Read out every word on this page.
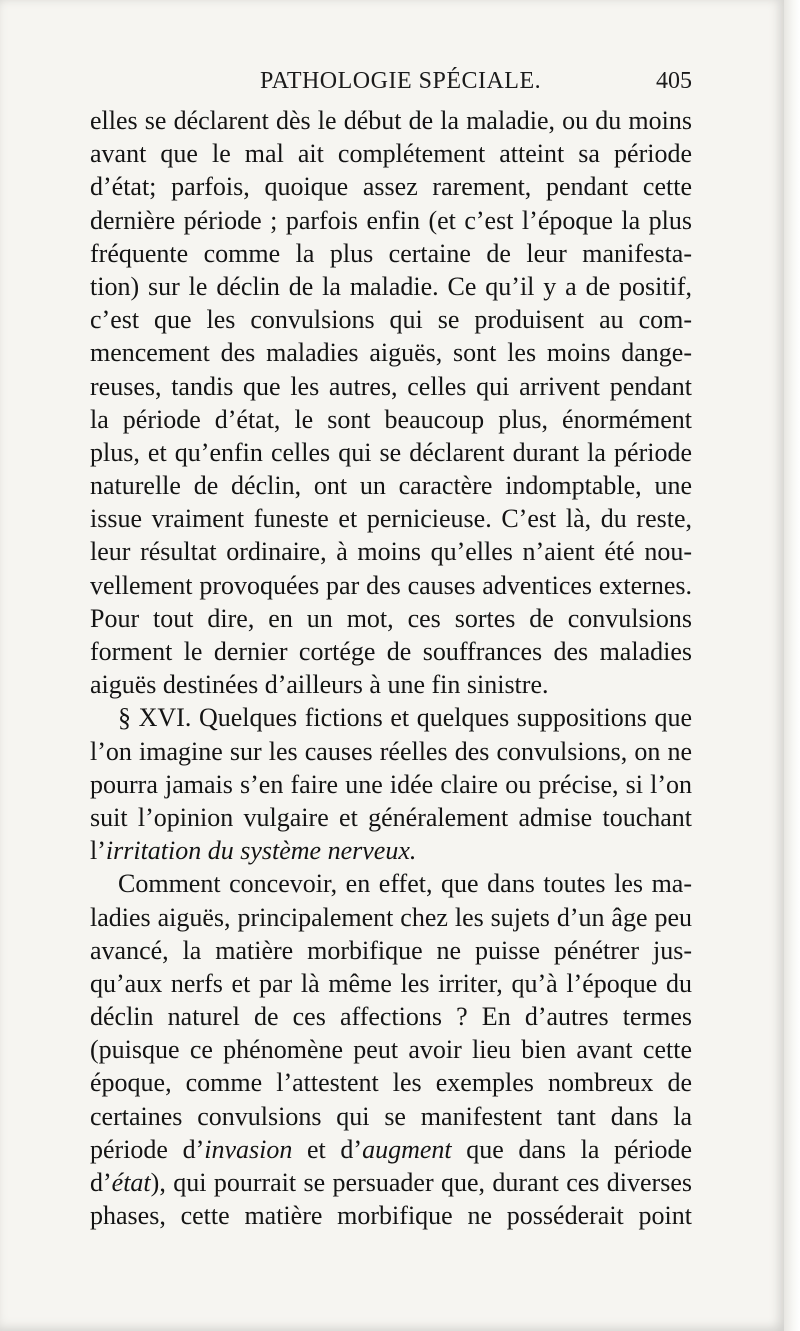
PATHOLOGIE SPÉCIALE.	405
elles se déclarent dès le début de la maladie, ou du moins
avant que le mal ait complétement atteint sa période
d’état; parfois, quoique assez rarement, pendant cette
dernière période ; parfois enfin (et c’est l’époque la plus
fréquente comme la plus certaine de leur manifesta-
tion) sur le déclin de la maladie. Ce qu’il y a de positif,
c’est que les convulsions qui se produisent au com-
mencement des maladies aiguës, sont les moins dange-
reuses, tandis que les autres, celles qui arrivent pendant
la période d’état, le sont beaucoup plus, énormément
plus, et qu’enfin celles qui se déclarent durant la période
naturelle de déclin, ont un caractère indomptable, une
issue vraiment funeste et pernicieuse. C’est là, du reste,
leur résultat ordinaire, à moins qu’elles n’aient été nou-
vellement provoquées par des causes adventices externes.
Pour tout dire, en un mot, ces sortes de convulsions
forment le dernier cortége de souffrances des maladies
aiguës destinées d’ailleurs à une fin sinistre.
§ XVI. Quelques fictions et quelques suppositions que
l’on imagine sur les causes réelles des convulsions, on ne
pourra jamais s’en faire une idée claire ou précise, si l’on
suit l’opinion vulgaire et généralement admise touchant
l’irritation du système nerveux.
Comment concevoir, en effet, que dans toutes les ma-
ladies aiguës, principalement chez les sujets d’un âge peu
avancé, la matière morbifique ne puisse pénétrer jus-
qu’aux nerfs et par là même les irriter, qu’à l’époque du
déclin naturel de ces affections ? En d’autres termes
(puisque ce phénomène peut avoir lieu bien avant cette
époque, comme l’attestent les exemples nombreux de
certaines convulsions qui se manifestent tant dans la
période d’invasion et d’augment que dans la période
d’état), qui pourrait se persuader que, durant ces diverses
phases, cette matière morbifique ne posséderait point
